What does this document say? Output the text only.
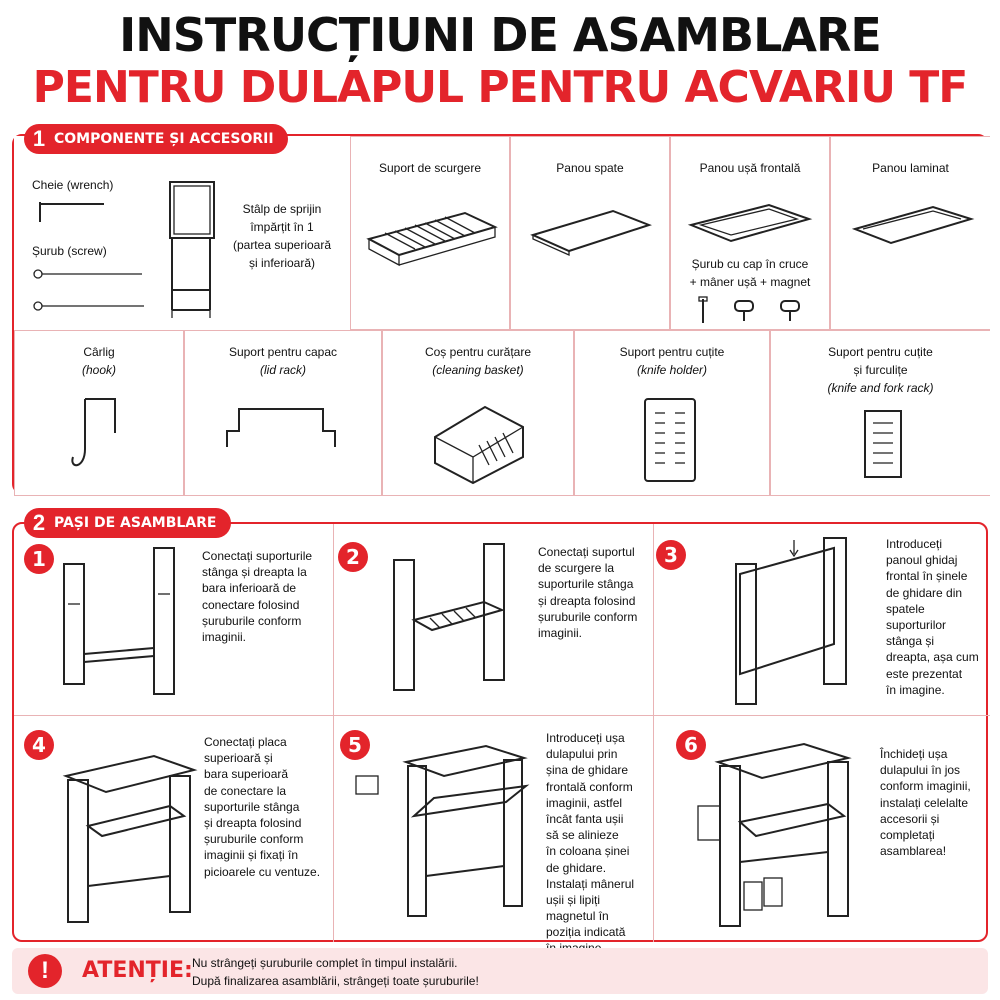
INSTRUCȚIUNI DE ASAMBLARE
PENTRU DULAPUL PENTRU ACVARIU TF
Cheie (wrench)
Șurub (screw)
Stâlp de sprijin
împărțit în 1
(partea superioară
și inferioară)
Suport de scurgere	Panou spate	Panou ușă frontală
Șurub cu cap în cruce
+ mâner ușă + magnet
Panou laminat
Cârlig
(hook)
Suport pentru capac
(lid rack)
Coș pentru curățare
(cleaning basket)
Suport pentru cuțite
(knife holder)
Suport pentru cuțite
și furculițe
(knife and fork rack)
1 COMPONENTE ȘI ACCESORII
1	Conectați suporturile
stânga și dreapta la
bara inferioară de
conectare folosind
șuruburile conform
imaginii.
2	Conectați suportul
de scurgere la
suporturile stânga
și dreapta folosind
șuruburile conform
imaginii.
3	Introduceți
panoul ghidaj
frontal în șinele
de ghidare din
spatele
suporturilor
stânga și
dreapta, așa cum
este prezentat
în imagine.
4	Conectați placa
superioară și
bara superioară
de conectare la
suporturile stânga
și dreapta folosind
șuruburile conform
imaginii și fixați în
picioarele cu ventuze.
5	Introduceți ușa
dulapului prin
șina de ghidare
frontală conform
imaginii, astfel
încât fanta ușii
să se alinieze
în coloana șinei
de ghidare.
Instalați mânerul
ușii și lipiți
magnetul în
poziția indicată
6	Închideți ușa
dulapului în jos
conform imaginii,
instalați celelalte
accesorii și
completați
asamblarea!
2 PAȘI DE ASAMBLARE
!	ATENȚIE: Nu strângeți șuruburile complet în timpul instalării.
După finalizarea asamblării, strângeți toate șuruburile!
